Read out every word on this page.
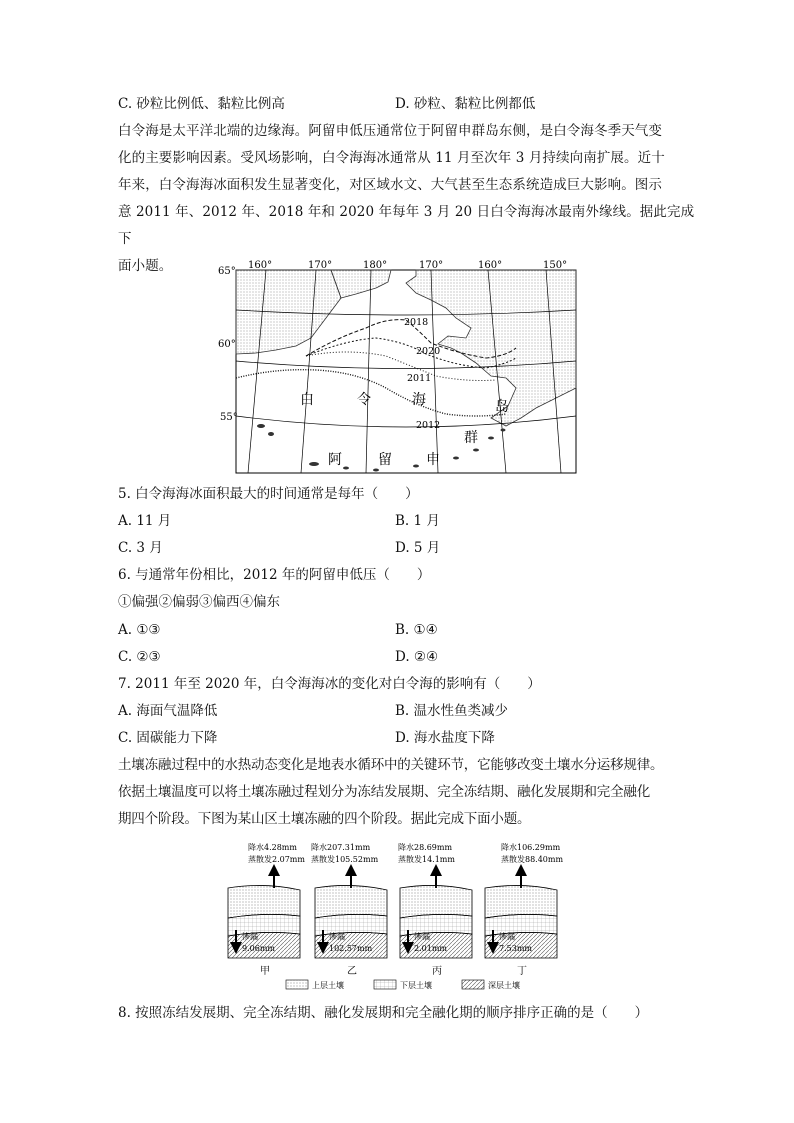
C. 砂粒比例低、黏粒比例高	D. 砂粒、黏粒比例都低
白令海是太平洋北端的边缘海。阿留申低压通常位于阿留申群岛东侧，是白令海冬季天气变
化的主要影响因素。受风场影响，白令海海冰通常从 11 月至次年 3 月持续向南扩展。近十
年来，白令海海冰面积发生显著变化，对区域水文、大气甚至生态系统造成巨大影响。图示
意 2011 年、2012 年、2018 年和 2020 年每年 3 月 20 日白令海海冰最南外缘线。据此完成下
面小题。	160°	170°	180°	170°	160°	150°
65°
60°
55°
2018
2020
2011
2012
白	令	海
阿	留 申
岛
群
5. 白令海海冰面积最大的时间通常是每年（　　）
A. 11 月	B. 1 月
C. 3 月	D. 5 月
6. 与通常年份相比，2012 年的阿留申低压（　　）
①偏强②偏弱③偏西④偏东
A. ①③	B. ①④
C. ②③	D. ②④
7. 2011 年至 2020 年，白令海海冰的变化对白令海的影响有（　　）
A. 海面气温降低	B. 温水性鱼类减少
C. 固碳能力下降	D. 海水盐度下降
土壤冻融过程中的水热动态变化是地表水循环中的关键环节，它能够改变土壤水分运移规律。
依据土壤温度可以将土壤冻融过程划分为冻结发展期、完全冻结期、融化发展期和完全融化
期四个阶段。下图为某山区土壤冻融的四个阶段。据此完成下面小题。
降水4.28mm
蒸散发2.07mm
渗漏
9.06mm
甲
降水207.31mm
蒸散发105.52mm
渗漏
102.57mm
乙
降水28.69mm
蒸散发14.1mm
渗漏
2.01mm
丙
降水106.29mm
蒸散发88.40mm
渗漏
7.53mm
丁
上层土壤	下层土壤	深层土壤
8. 按照冻结发展期、完全冻结期、融化发展期和完全融化期的顺序排序正确的是（　　）
